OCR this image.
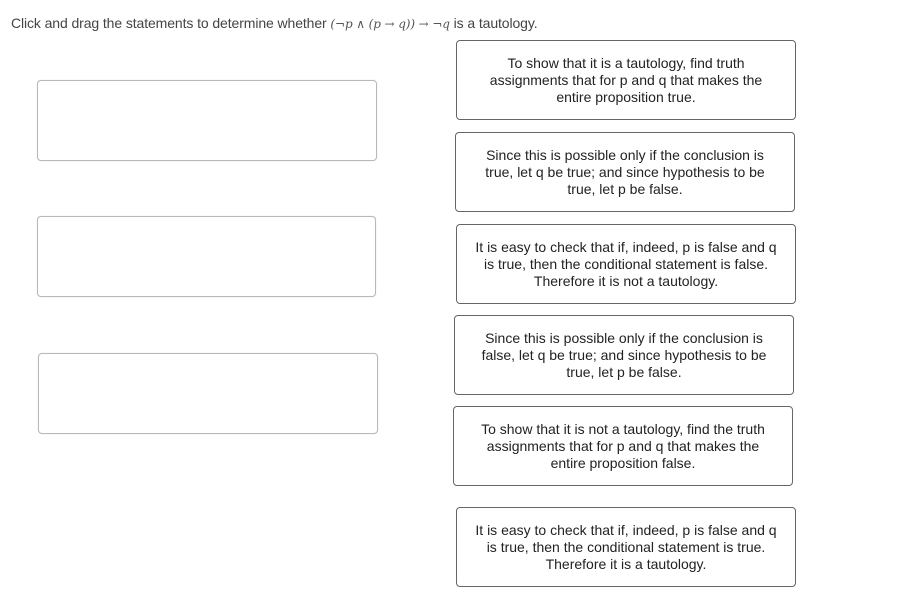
Click and drag the statements to determine whether (¬p ∧ (p → q)) → ¬q is a tautology.
To show that it is a tautology, find truth assignments that for p and q that makes the entire proposition true.
Since this is possible only if the conclusion is true, let q be true; and since hypothesis to be true, let p be false.
It is easy to check that if, indeed, p is false and q is true, then the conditional statement is false. Therefore it is not a tautology.
Since this is possible only if the conclusion is false, let q be true; and since hypothesis to be true, let p be false.
To show that it is not a tautology, find the truth assignments that for p and q that makes the entire proposition false.
It is easy to check that if, indeed, p is false and q is true, then the conditional statement is true. Therefore it is a tautology.
